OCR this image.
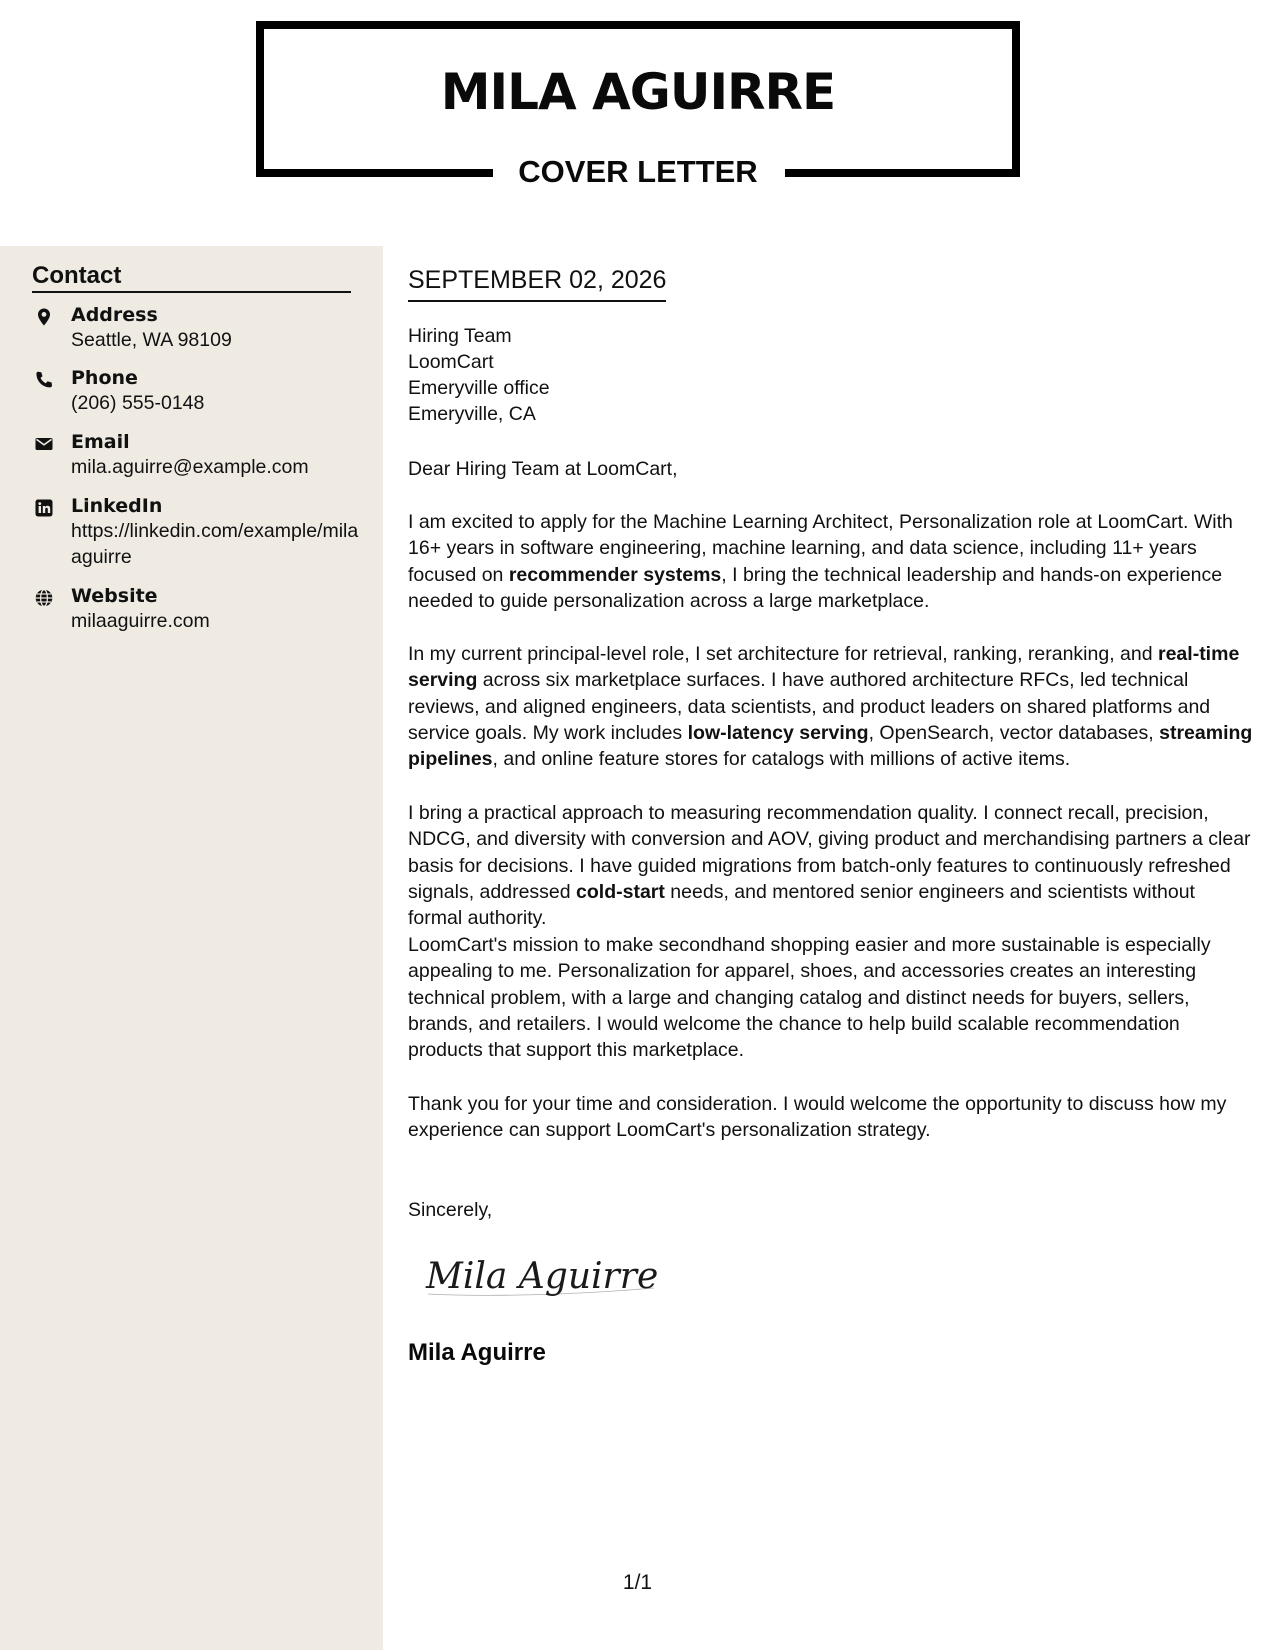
MILA AGUIRRE
COVER LETTER
Contact
Address
Seattle, WA 98109
Phone
(206) 555-0148
Email
mila.aguirre@example.com
LinkedIn
https://linkedin.com/example/milaaguirre
Website
milaaguirre.com
SEPTEMBER 02, 2026
Hiring Team
LoomCart
Emeryville office
Emeryville, CA

Dear Hiring Team at LoomCart,

I am excited to apply for the Machine Learning Architect, Personalization role at LoomCart. With 16+ years in software engineering, machine learning, and data science, including 11+ years focused on recommender systems, I bring the technical leadership and hands-on experience needed to guide personalization across a large marketplace.

In my current principal-level role, I set architecture for retrieval, ranking, reranking, and real-time serving across six marketplace surfaces. I have authored architecture RFCs, led technical reviews, and aligned engineers, data scientists, and product leaders on shared platforms and service goals. My work includes low-latency serving, OpenSearch, vector databases, streaming pipelines, and online feature stores for catalogs with millions of active items.

I bring a practical approach to measuring recommendation quality. I connect recall, precision, NDCG, and diversity with conversion and AOV, giving product and merchandising partners a clear basis for decisions. I have guided migrations from batch-only features to continuously refreshed signals, addressed cold-start needs, and mentored senior engineers and scientists without formal authority.

LoomCart's mission to make secondhand shopping easier and more sustainable is especially appealing to me. Personalization for apparel, shoes, and accessories creates an interesting technical problem, with a large and changing catalog and distinct needs for buyers, sellers, brands, and retailers. I would welcome the chance to help build scalable recommendation products that support this marketplace.

Thank you for your time and consideration. I would welcome the opportunity to discuss how my experience can support LoomCart's personalization strategy.

Sincerely,

Mila Aguirre
Mila Aguirre
1/1
